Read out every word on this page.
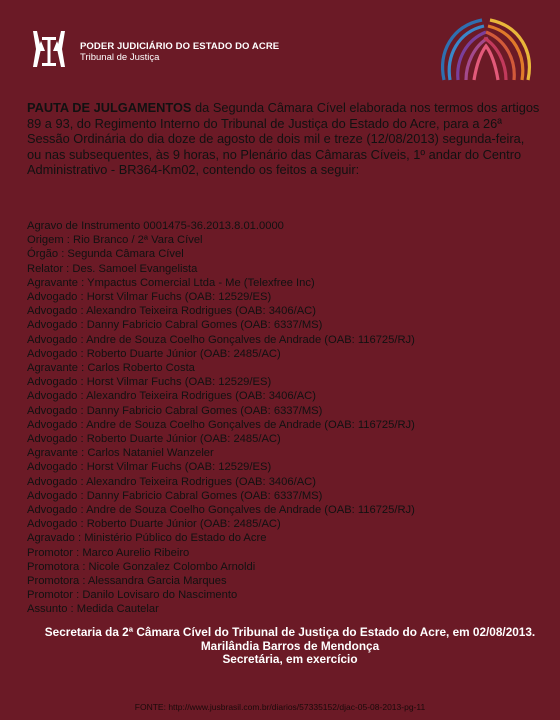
PODER JUDICIÁRIO DO ESTADO DO ACRE
Tribunal de Justiça
PAUTA DE JULGAMENTOS da Segunda Câmara Cível elaborada nos termos dos artigos 89 a 93, do Regimento Interno do Tribunal de Justiça do Estado do Acre, para a 26ª Sessão Ordinária do dia doze de agosto de dois mil e treze (12/08/2013) segunda-feira, ou nas subsequentes, às 9 horas, no Plenário das Câmaras Cíveis, 1º andar do Centro Administrativo - BR364-Km02, contendo os feitos a seguir:
Agravo de Instrumento 0001475-36.2013.8.01.0000
Origem : Rio Branco / 2ª Vara Cível
Órgão : Segunda Câmara Cível
Relator : Des. Samoel Evangelista
Agravante : Ympactus Comercial Ltda - Me (Telexfree Inc)
Advogado : Horst Vilmar Fuchs (OAB: 12529/ES)
Advogado : Alexandro Teixeira Rodrigues (OAB: 3406/AC)
Advogado : Danny Fabricio Cabral Gomes (OAB: 6337/MS)
Advogado : Andre de Souza Coelho Gonçalves de Andrade (OAB: 116725/RJ)
Advogado : Roberto Duarte Júnior (OAB: 2485/AC)
Agravante : Carlos Roberto Costa
Advogado : Horst Vilmar Fuchs (OAB: 12529/ES)
Advogado : Alexandro Teixeira Rodrigues (OAB: 3406/AC)
Advogado : Danny Fabricio Cabral Gomes (OAB: 6337/MS)
Advogado : Andre de Souza Coelho Gonçalves de Andrade (OAB: 116725/RJ)
Advogado : Roberto Duarte Júnior (OAB: 2485/AC)
Agravante : Carlos Nataniel Wanzeler
Advogado : Horst Vilmar Fuchs (OAB: 12529/ES)
Advogado : Alexandro Teixeira Rodrigues (OAB: 3406/AC)
Advogado : Danny Fabricio Cabral Gomes (OAB: 6337/MS)
Advogado : Andre de Souza Coelho Gonçalves de Andrade (OAB: 116725/RJ)
Advogado : Roberto Duarte Júnior (OAB: 2485/AC)
Agravado : Ministério Público do Estado do Acre
Promotor : Marco Aurelio Ribeiro
Promotora : Nicole Gonzalez Colombo Arnoldi
Promotora : Alessandra Garcia Marques
Promotor : Danilo Lovisaro do Nascimento
Assunto : Medida Cautelar
Secretaria da 2ª Câmara Cível do Tribunal de Justiça do Estado do Acre, em 02/08/2013.
Marilândia Barros de Mendonça
Secretária, em exercício
FONTE: http://www.jusbrasil.com.br/diarios/57335152/djac-05-08-2013-pg-11
